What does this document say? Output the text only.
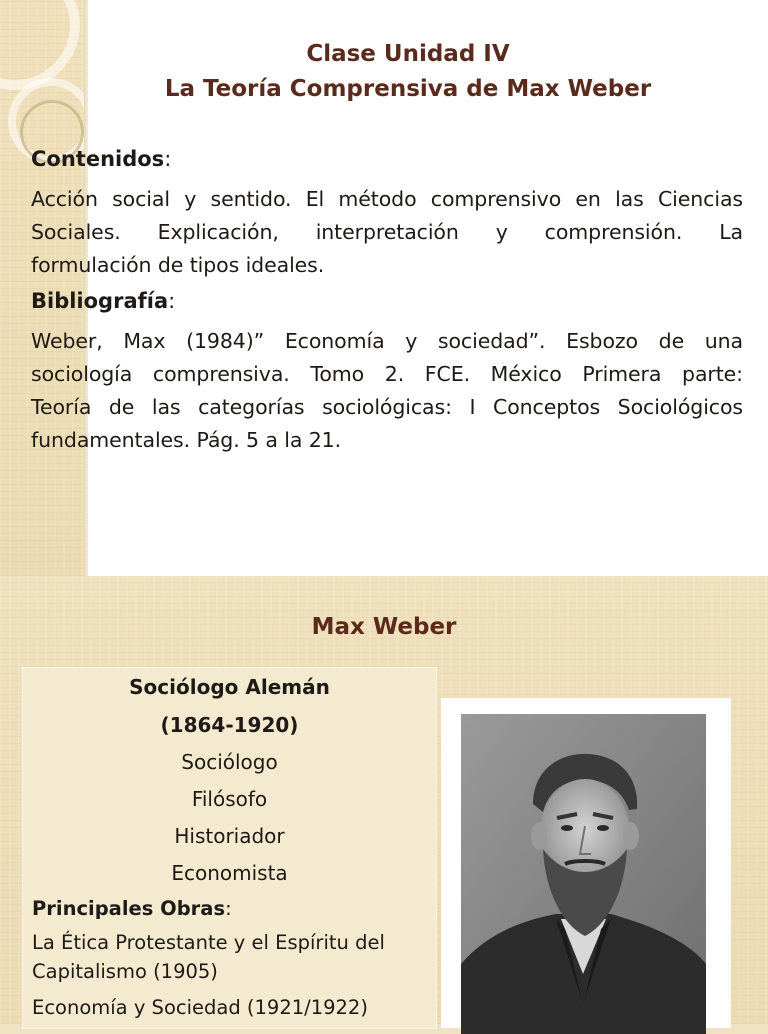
Clase Unidad IV
La Teoría Comprensiva de Max Weber
Contenidos:
Acción social y sentido. El método comprensivo en las Ciencias
Sociales. Explicación, interpretación y comprensión. La
formulación de tipos ideales.
Bibliografía:
Weber, Max (1984)” Economía y sociedad”. Esbozo de una
sociología comprensiva. Tomo 2. FCE. México Primera parte:
Teoría de las categorías sociológicas: I Conceptos Sociológicos
fundamentales. Pág. 5 a la 21.
Max Weber
Sociólogo Alemán
(1864-1920)
Sociólogo
Filósofo
Historiador
Economista
Principales Obras:
La Ética Protestante y el Espíritu del Capitalismo (1905)
Economía y Sociedad (1921/1922)
